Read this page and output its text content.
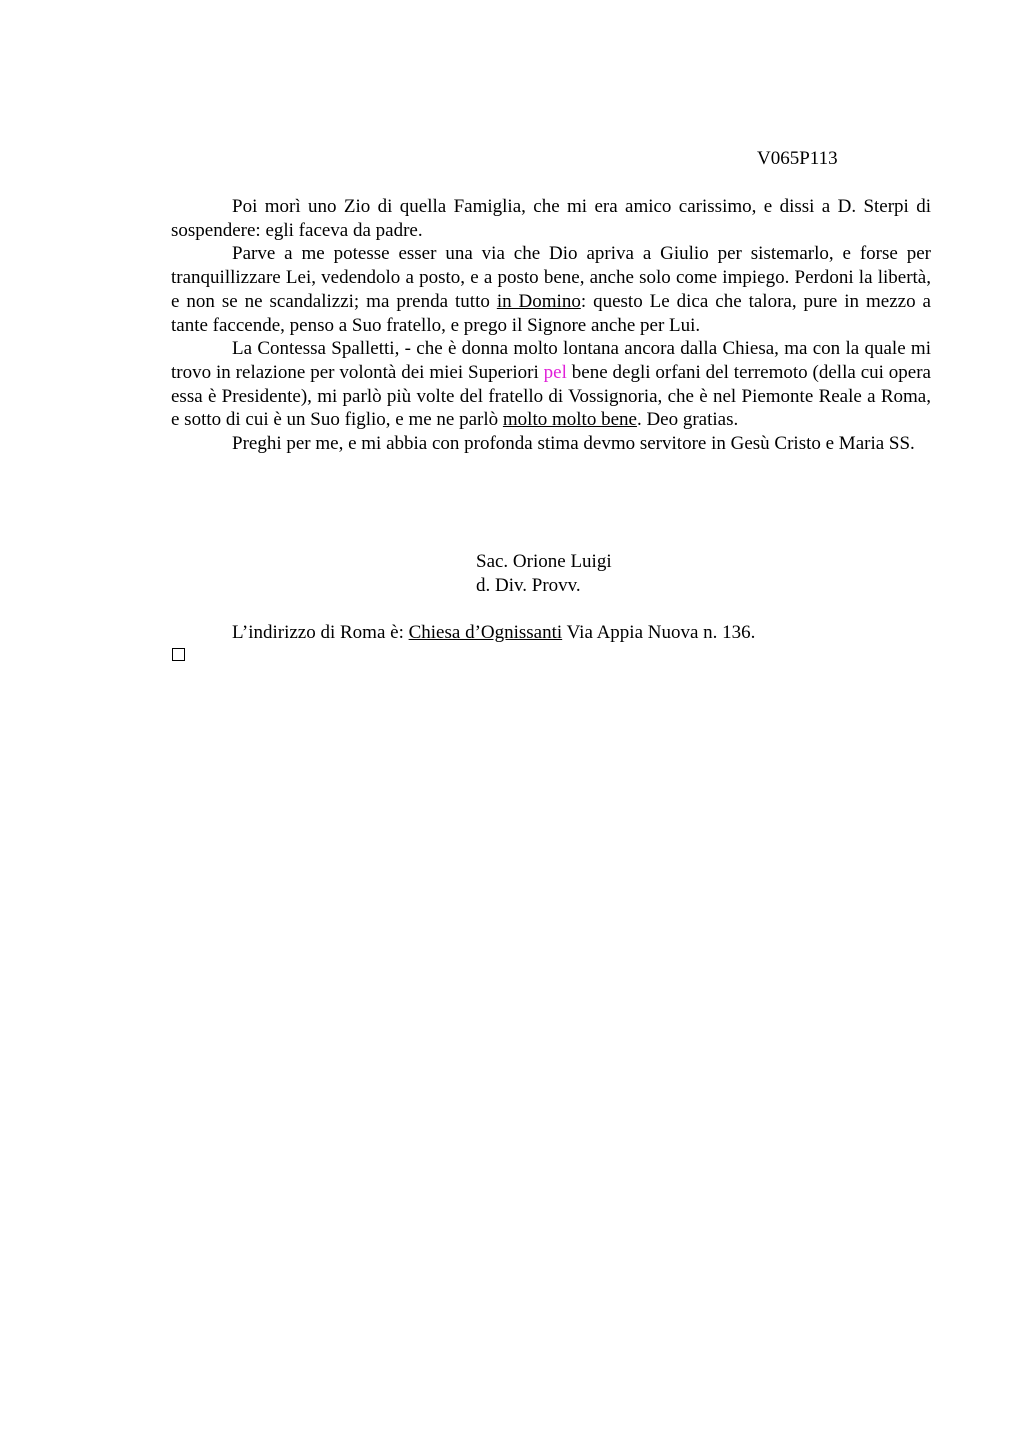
V065P113

Poi morì uno Zio di quella Famiglia, che mi era amico carissimo, e dissi a D. Sterpi di sospendere: egli faceva da padre.

Parve a me potesse esser una via che Dio apriva a Giulio per sistemarlo, e forse per tranquillizzare Lei, vedendolo a posto, e a posto bene, anche solo come impiego. Perdoni la libertà, e non se ne scandalizzi; ma prenda tutto in Domino: questo Le dica che talora, pure in mezzo a tante faccende, penso a Suo fratello, e prego il Signore anche per Lui.

La Contessa Spalletti, - che è donna molto lontana ancora dalla Chiesa, ma con la quale mi trovo in relazione per volontà dei miei Superiori pel bene degli orfani del terremoto (della cui opera essa è Presidente), mi parlò più volte del fratello di Vossignoria, che è nel Piemonte Reale a Roma, e sotto di cui è un Suo figlio, e me ne parlò molto molto bene. Deo gratias.

Preghi per me, e mi abbia con profonda stima devmo servitore in Gesù Cristo e Maria SS.

Sac. Orione Luigi
d. Div. Provv.
L’indirizzo di Roma è: Chiesa d’Ognissanti Via Appia Nuova n. 136.
